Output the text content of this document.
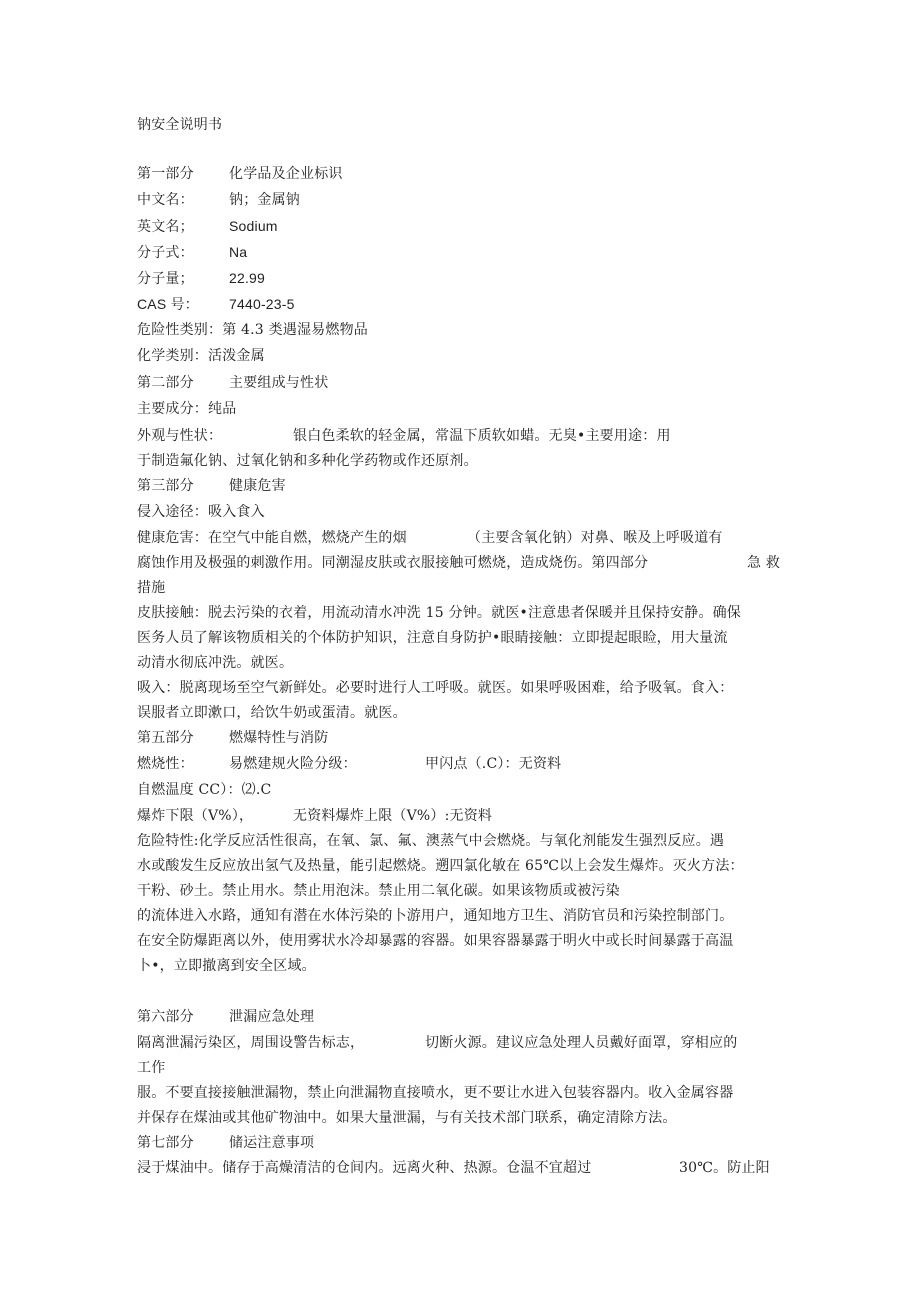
钠安全说明书
第一部分	化学品及企业标识
中文名：	钠；金属钠
英文名；	Sodium
分子式：	Na
分子量；	22.99
CAS 号： 7440-23-5
危险性类别：第 4.3 类遇湿易燃物品
化学类别：活泼金属
第二部分	主要组成与性状
主要成分：纯品
外观与性状：	银白色柔软的轻金属，常温下质软如蜡。无臭•主要用途：用
于制造氟化钠、过氧化钠和多种化学药物或作还原剂。
第三部分	健康危害
侵入途径：吸入食入
健康危害：在空气中能自燃，燃烧产生的烟	（主要含氧化钠）对鼻、喉及上呼吸道有
腐蚀作用及极强的刺激作用。同潮湿皮肤或衣服接触可燃烧，造成烧伤。第四部分	急 救
措施
皮肤接触：脱去污染的衣着，用流动清水冲洗 15 分钟。就医•注意患者保暖并且保持安静。确保
医务人员了解该物质相关的个体防护知识，注意自身防护•眼睛接触：立即提起眼睑，用大量流
动清水彻底冲洗。就医。
吸入：脱离现场至空气新鲜处。必要时进行人工呼吸。就医。如果呼吸困难，给予吸氧。食入：
误服者立即漱口，给饮牛奶或蛋清。就医。
第五部分	燃爆特性与消防
燃烧性：	易燃建规火险分级：	甲闪点（.C）：无资料
自燃温度 CC）：⑵.C
爆炸下限（V%），	无资料爆炸上限（V%）:无资料
危险特性:化学反应活性很高，在氧、氯、氟、澳蒸气中会燃烧。与氧化剂能发生强烈反应。遇
水或酸发生反应放出氢气及热量，能引起燃烧。遡四氯化敏在 65℃以上会发生爆炸。灭火方法：
干粉、砂土。禁止用水。禁止用泡沫。禁止用二氧化碳。如果该物质或被污染
的流体进入水路，通知有潜在水体污染的卜游用户，通知地方卫生、消防官员和污染控制部门。
在安全防爆距离以外，使用雾状水冷却暴露的容器。如果容器暴露于明火中或长时间暴露于高温
卜•，立即撤离到安全区域。
第六部分	泄漏应急处理
隔离泄漏污染区，周围设警告标志，	切断火源。建议应急处理人员戴好面罩，穿相应的
工作
服。不要直接接触泄漏物，禁止向泄漏物直接喷水，更不要让水进入包装容器内。收入金属容器
并保存在煤油或其他矿物油中。如果大量泄漏，与有关技术部门联系，确定清除方法。
第七部分	储运注意事项
浸于煤油中。储存于高燥清洁的仓间内。远离火种、热源。仓温不宜超过	30℃。防止阳
